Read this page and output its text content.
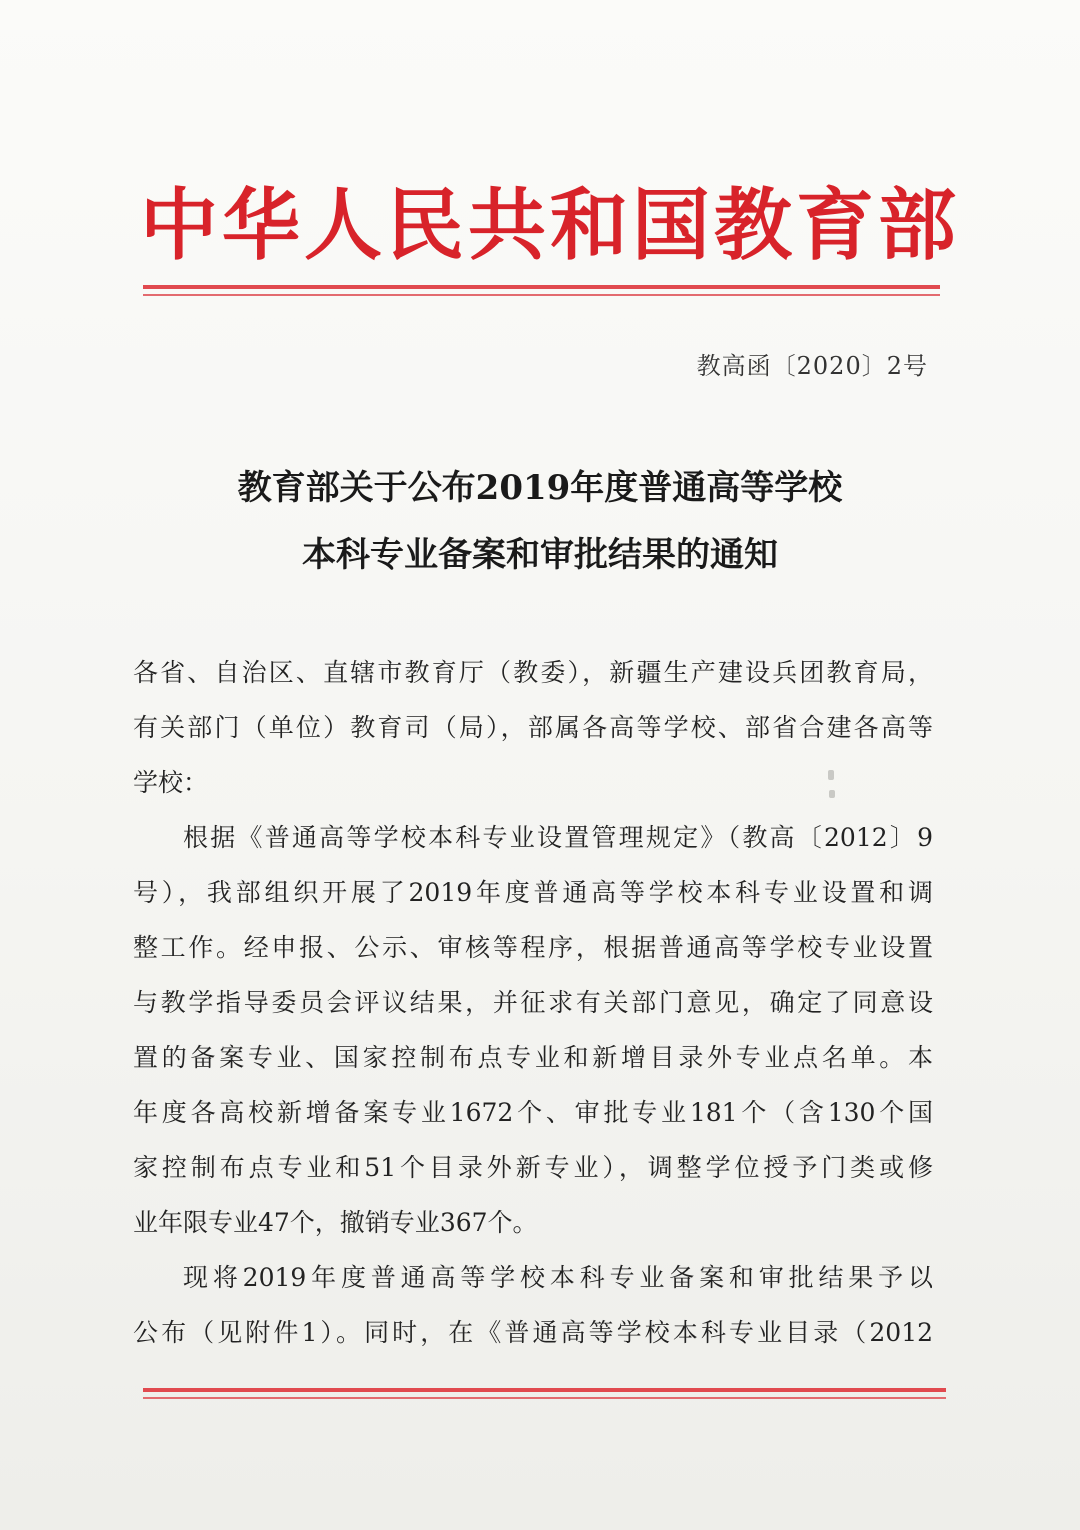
中华人民共和国教育部
教高函〔2020〕2号
教育部关于公布2019年度普通高等学校
本科专业备案和审批结果的通知
各省、自治区、直辖市教育厅（教委），新疆生产建设兵团教育局，
有关部门（单位）教育司（局），部属各高等学校、部省合建各高等
学校：
根据《普通高等学校本科专业设置管理规定》（教高〔2012〕9
号），我部组织开展了2019年度普通高等学校本科专业设置和调
整工作。经申报、公示、审核等程序，根据普通高等学校专业设置
与教学指导委员会评议结果，并征求有关部门意见，确定了同意设
置的备案专业、国家控制布点专业和新增目录外专业点名单。本
年度各高校新增备案专业1672个、审批专业181个（含130个国
家控制布点专业和51个目录外新专业），调整学位授予门类或修
业年限专业47个，撤销专业367个。
现将2019年度普通高等学校本科专业备案和审批结果予以
公布（见附件1）。同时，在《普通高等学校本科专业目录（2012
